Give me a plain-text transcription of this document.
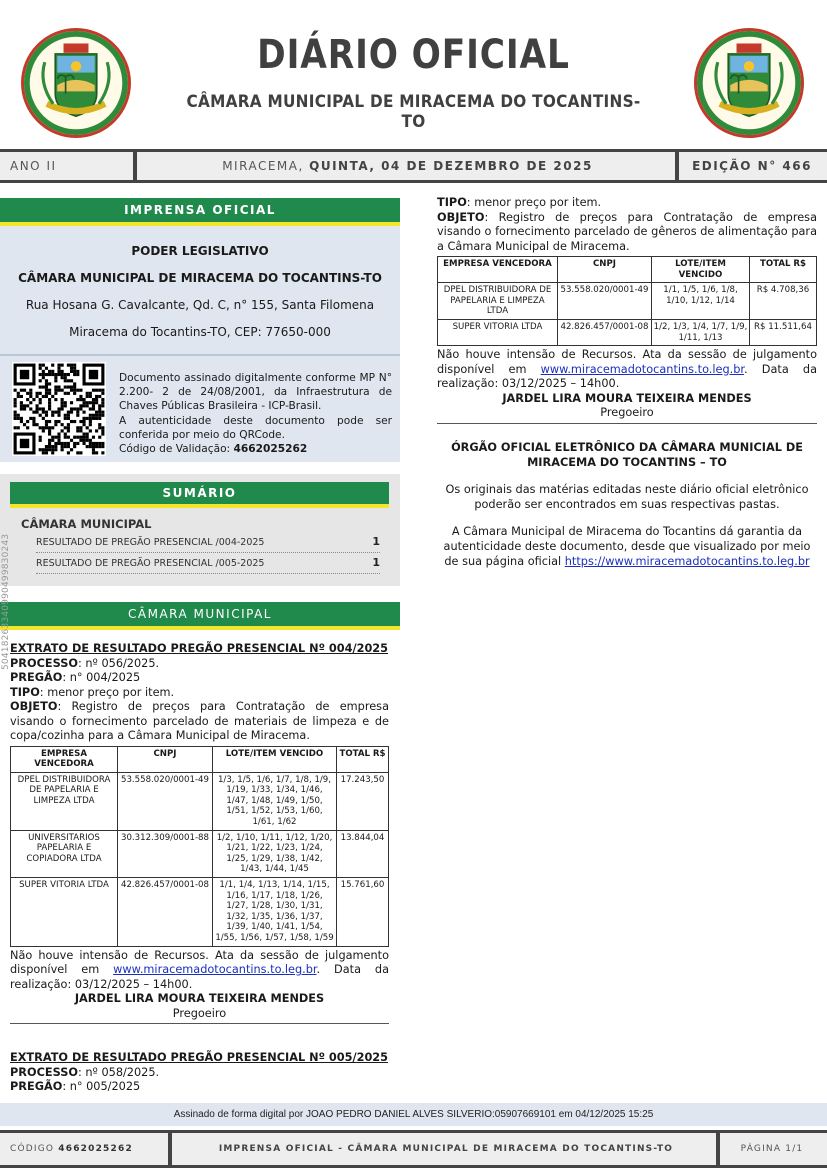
DIÁRIO OFICIAL
CÂMARA MUNICIPAL DE MIRACEMA DO TOCANTINS-TO
ANO II	MIRACEMA, QUINTA, 04 DE DEZEMBRO DE 2025	EDIÇÃO N° 466
IMPRENSA OFICIAL
PODER LEGISLATIVO
CÂMARA MUNICIPAL DE MIRACEMA DO TOCANTINS-TO
Rua Hosana G. Cavalcante, Qd. C, n° 155, Santa Filomena
Miracema do Tocantins-TO, CEP: 77650-000
Documento assinado digitalmente conforme MP N° 2.200- 2 de 24/08/2001, da Infraestrutura de Chaves Públicas Brasileira - ICP-Brasil.
A autenticidade deste documento pode ser conferida por meio do QRCode.
Código de Validação: 4662025262
SUMÁRIO
CÂMARA MUNICIPAL
RESULTADO DE PREGÃO PRESENCIAL /004-2025	1
RESULTADO DE PREGÃO PRESENCIAL /005-2025	1
CÂMARA MUNICIPAL
50418263340990499830243 EXTRATO DE RESULTADO PREGÃO PRESENCIAL Nº 004/2025

PROCESSO: nº 056/2025.

PREGÃO: n° 004/2025

TIPO: menor preço por item.

OBJETO: Registro de preços para Contratação de empresa visando o fornecimento parcelado de materiais de limpeza e de copa/cozinha para a Câmara Municipal de Miracema.

EMPRESA VENCEDORA	CNPJ	LOTE/ITEM VENCIDO	TOTAL R$
DPEL DISTRIBUIDORA DE PAPELARIA E LIMPEZA LTDA	53.558.020/0001-49	1/3, 1/5, 1/6, 1/7, 1/8, 1/9, 1/19, 1/33, 1/34, 1/46, 1/47, 1/48, 1/49, 1/50, 1/51, 1/52, 1/53, 1/60, 1/61, 1/62	17.243,50
UNIVERSITARIOS PAPELARIA E COPIADORA LTDA	30.312.309/0001-88	1/2, 1/10, 1/11, 1/12, 1/20, 1/21, 1/22, 1/23, 1/24, 1/25, 1/29, 1/38, 1/42, 1/43, 1/44, 1/45	13.844,04
SUPER VITORIA LTDA	42.826.457/0001-08	1/1, 1/4, 1/13, 1/14, 1/15, 1/16, 1/17, 1/18, 1/26, 1/27, 1/28, 1/30, 1/31, 1/32, 1/35, 1/36, 1/37, 1/39, 1/40, 1/41, 1/54, 1/55, 1/56, 1/57, 1/58, 1/59	15.761,60

Não houve intensão de Recursos. Ata da sessão de julgamento disponível em www.miracemadotocantins.to.leg.br. Data da realização: 03/12/2025 – 14h00.

JARDEL LIRA MOURA TEIXEIRA MENDES

Pregoeiro

EXTRATO DE RESULTADO PREGÃO PRESENCIAL Nº 005/2025

PROCESSO: nº 058/2025.

PREGÃO: n° 005/2025

TIPO: menor preço por item.

OBJETO: Registro de preços para Contratação de empresa visando o fornecimento parcelado de gêneros de alimentação para a Câmara Municipal de Miracema.

EMPRESA VENCEDORA	CNPJ	LOTE/ITEM VENCIDO	TOTAL R$
DPEL DISTRIBUIDORA DE PAPELARIA E LIMPEZA LTDA	53.558.020/0001-49	1/1, 1/5, 1/6, 1/8, 1/10, 1/12, 1/14	R$ 4.708,36
SUPER VITORIA LTDA	42.826.457/0001-08	1/2, 1/3, 1/4, 1/7, 1/9, 1/11, 1/13	R$ 11.511,64

Não houve intensão de Recursos. Ata da sessão de julgamento disponível em www.miracemadotocantins.to.leg.br. Data da realização: 03/12/2025 – 14h00.

JARDEL LIRA MOURA TEIXEIRA MENDES

Pregoeiro

ÓRGÃO OFICIAL ELETRÔNICO DA CÂMARA MUNICIAL DE MIRACEMA DO TOCANTINS – TO

Os originais das matérias editadas neste diário oficial eletrônico poderão ser encontrados em suas respectivas pastas.

A Câmara Municipal de Miracema do Tocantins dá garantia da autenticidade deste documento, desde que visualizado por meio de sua página oficial https://www.miracemadotocantins.to.leg.br

Assinado de forma digital por JOAO PEDRO DANIEL ALVES SILVERIO:05907669101 em 04/12/2025 15:25
CÓDIGO 4662025262	IMPRENSA OFICIAL - CÂMARA MUNICIPAL DE MIRACEMA DO TOCANTINS-TO	PÁGINA 1/1
